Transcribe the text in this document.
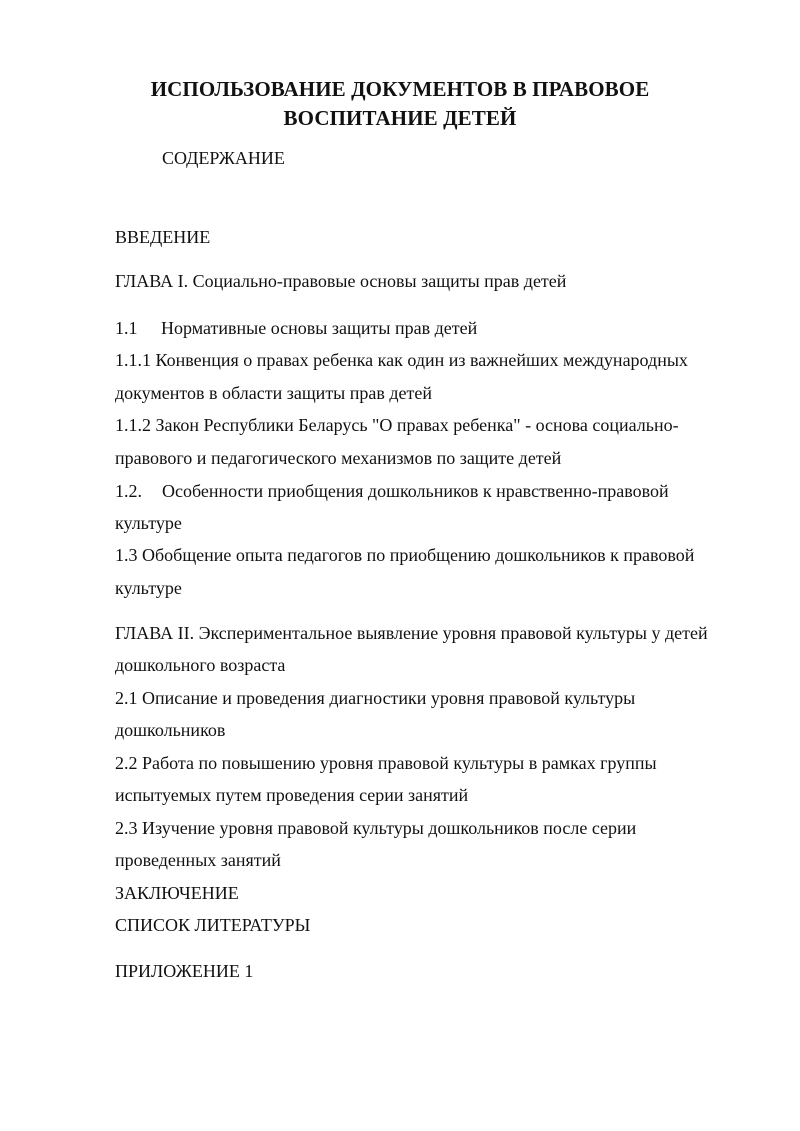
ИСПОЛЬЗОВАНИЕ ДОКУМЕНТОВ В ПРАВОВОЕ
ВОСПИТАНИЕ ДЕТЕЙ
СОДЕРЖАНИЕ
ВВЕДЕНИЕ
ГЛАВА I. Социально-правовые основы защиты прав детей
1.1 Нормативные основы защиты прав детей
1.1.1 Конвенция о правах ребенка как один из важнейших международных
документов в области защиты прав детей
1.1.2 Закон Республики Беларусь "О правах ребенка" - основа социально-
правового и педагогического механизмов по защите детей
1.2. Особенности приобщения дошкольников к нравственно-правовой
культуре
1.3 Обобщение опыта педагогов по приобщению дошкольников к правовой
культуре
ГЛАВА II. Экспериментальное выявление уровня правовой культуры у детей
дошкольного возраста
2.1 Описание и проведения диагностики уровня правовой культуры
дошкольников
2.2 Работа по повышению уровня правовой культуры в рамках группы
испытуемых путем проведения серии занятий
2.3 Изучение уровня правовой культуры дошкольников после серии
проведенных занятий
ЗАКЛЮЧЕНИЕ
СПИСОК ЛИТЕРАТУРЫ
ПРИЛОЖЕНИЕ 1
